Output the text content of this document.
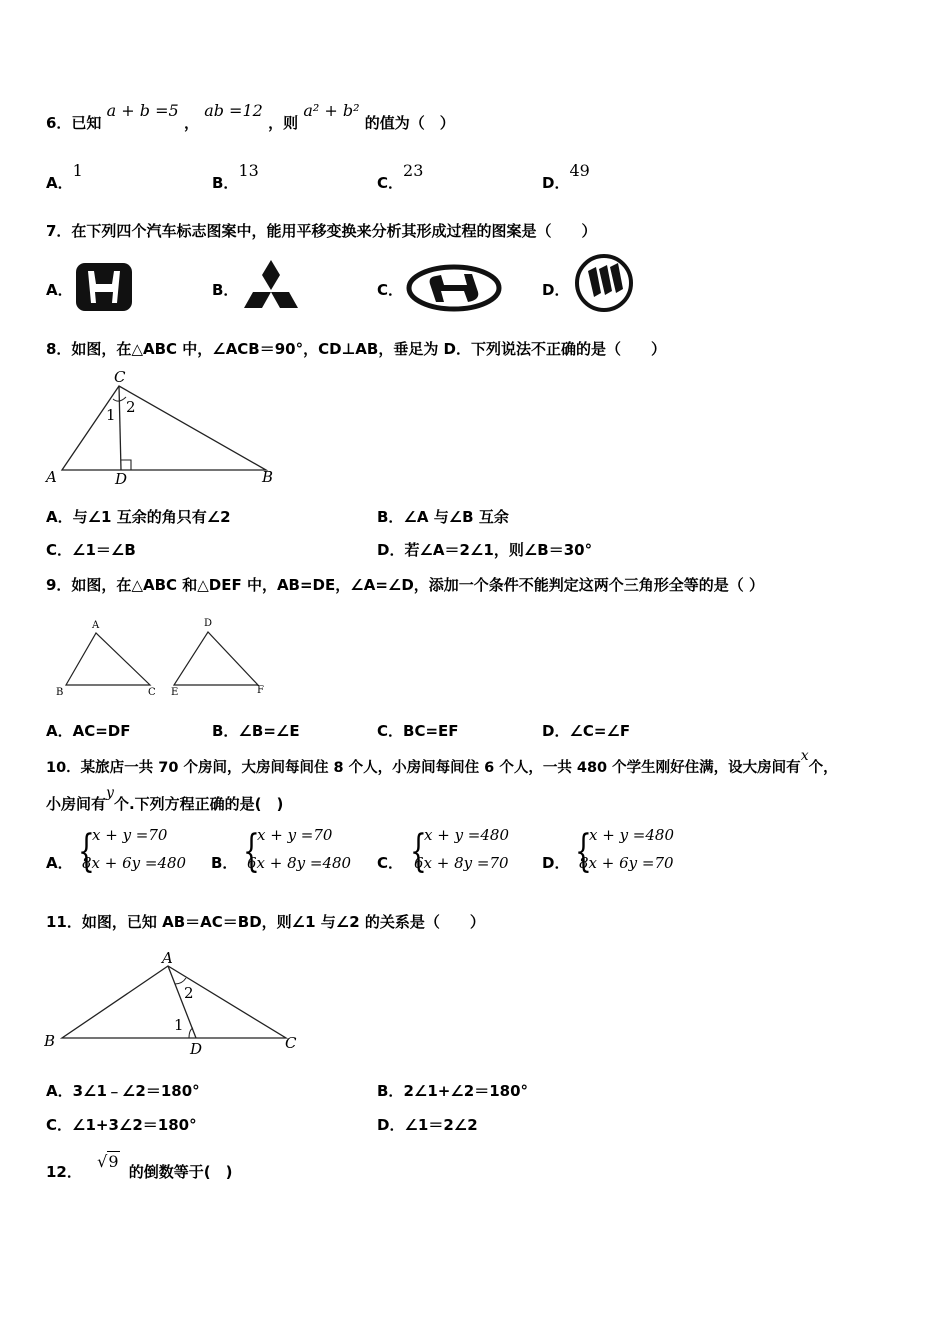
6．已知 a + b =5 ， ab =12 ，则 a² + b² 的值为（　）
A．1
B．13
C．23
D．49
7．在下列四个汽车标志图案中，能用平移变换来分析其形成过程的图案是（　　）
A．	B．	C．	D．
8．如图，在△ABC 中，∠ACB＝90°，CD⊥AB，垂足为 D．下列说法不正确的是（　　）
C
A	B
D
1 2
A．与∠1 互余的角只有∠2	B．∠A 与∠B 互余
C．∠1＝∠B	D．若∠A＝2∠1，则∠B＝30°
9．如图，在△ABC 和△DEF 中，AB=DE，∠A=∠D，添加一个条件不能判定这两个三角形全等的是（ ）
A
B	C
D
E	F
A．AC=DF	B．∠B=∠E	C．BC=EF	D．∠C=∠F
10．某旅店一共 70 个房间，大房间每间住 8 个人，小房间每间住 6 个人，一共 480 个学生刚好住满，设大房间有x个，
小房间有y个.下列方程正确的是(　)
A． {
x + y =70
8x + 6y =480 B． {
x + y =70
6x + 8y =480 C． {
x + y =480
6x + 8y =70 D． {
x + y =480
8x + 6y =70
11．如图，已知 AB＝AC＝BD，则∠1 与∠2 的关系是（　　）
A
B	C
D
1
2
A．3∠1﹣∠2＝180°	B．2∠1+∠2＝180°
C．∠1+3∠2＝180°	D．∠1＝2∠2
12． √9 的倒数等于(　)
